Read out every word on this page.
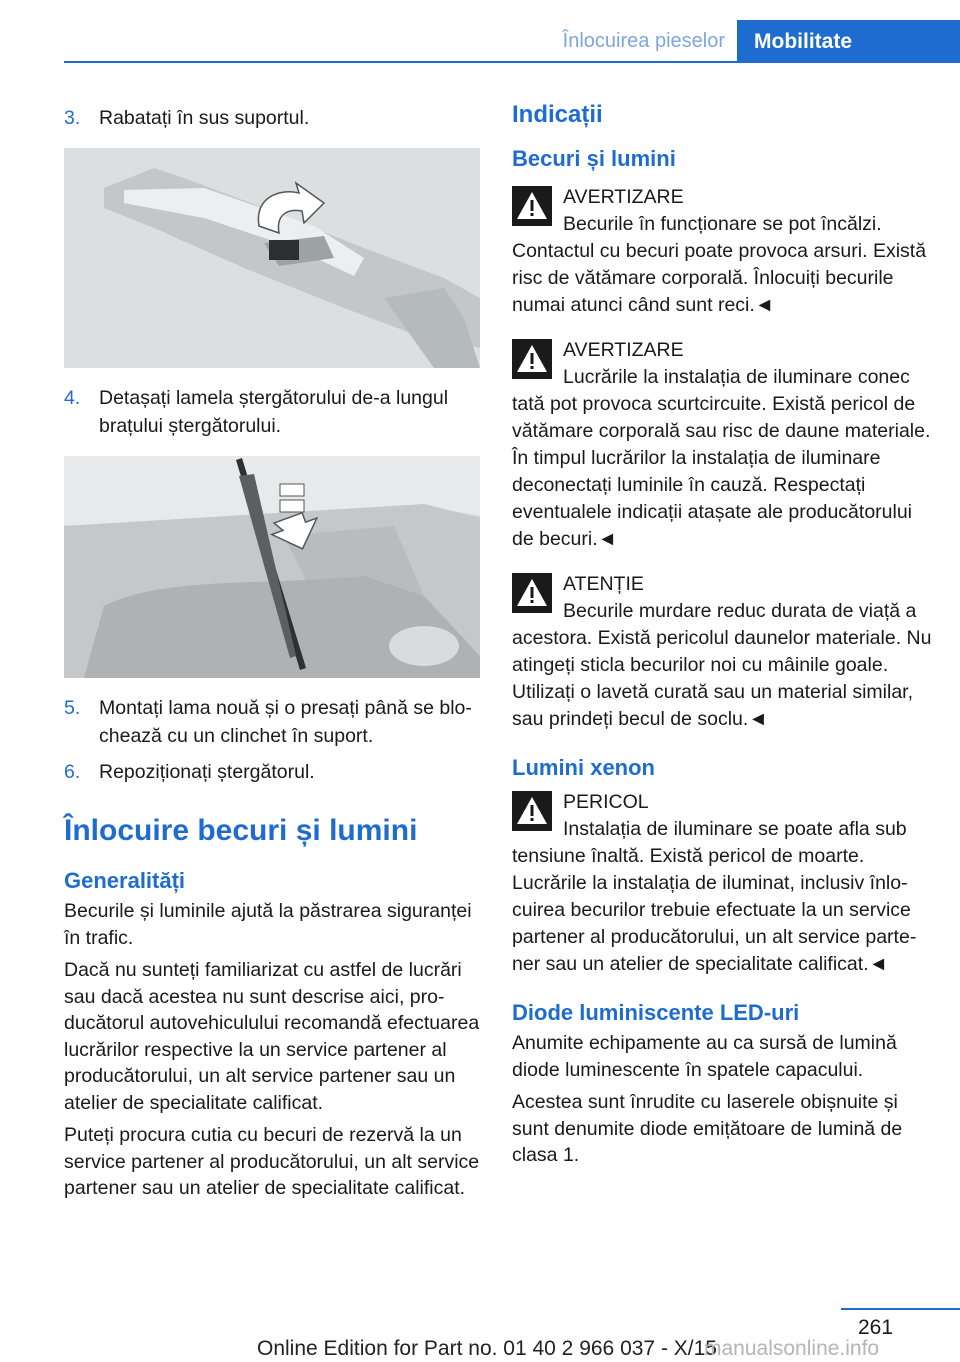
Înlocuirea pieselor	Mobilitate
3. Rabatați în sus suportul.
4. Detașați lamela ștergătorului de-a lungul brațului ștergătorului.
5. Montați lama nouă și o presați până se blochează cu un clinchet în suport.
6. Repoziționați ștergătorul.
Înlocuire becuri și lumini
Generalități

Becurile și luminile ajută la păstrarea siguranței în trafic.

Dacă nu sunteți familiarizat cu astfel de lucrări sau dacă acestea nu sunt descrise aici, producătorul autovehiculului recomandă efectuarea lucrărilor respective la un service partener al producătorului, un alt service partener sau un atelier de specialitate calificat.

Puteți procura cutia cu becuri de rezervă la un service partener al producătorului, un alt service partener sau un atelier de specialitate calificat.

Indicații
Becuri și lumini
AVERTIZARE
Becurile în funcționare se pot încălzi.
Contactul cu becuri poate provoca arsuri. Există risc de vătămare corporală. Înlocuiți becurile numai atunci când sunt reci.◄
AVERTIZARE
Lucrările la instalația de iluminare conec
tată pot provoca scurtcircuite. Există pericol de vătămare corporală sau risc de daune materiale. În timpul lucrărilor la instalația de iluminare deconectați luminile în cauză. Respectați eventualele indicații atașate ale producătorului de becuri.◄
ATENȚIE
Becurile murdare reduc durata de viață a
acestora. Există pericolul daunelor materiale. Nu atingeți sticla becurilor noi cu mâinile goale. Utilizați o lavetă curată sau un material similar, sau prindeți becul de soclu.◄
Lumini xenon
PERICOL
Instalația de iluminare se poate afla sub
tensiune înaltă. Există pericol de moarte. Lucrările la instalația de iluminat, inclusiv înlocuirea becurilor trebuie efectuate la un service partener al producătorului, un alt service partener sau un atelier de specialitate calificat.◄
Diode luminiscente LED-uri

Anumite echipamente au ca sursă de lumină diode luminescente în spatele capacului.

Acestea sunt înrudite cu laserele obișnuite și sunt denumite diode emițătoare de lumină de clasa 1.

261
Online Edition for Part no. 01 40 2 966 037 - X/15
manualsonline.info
